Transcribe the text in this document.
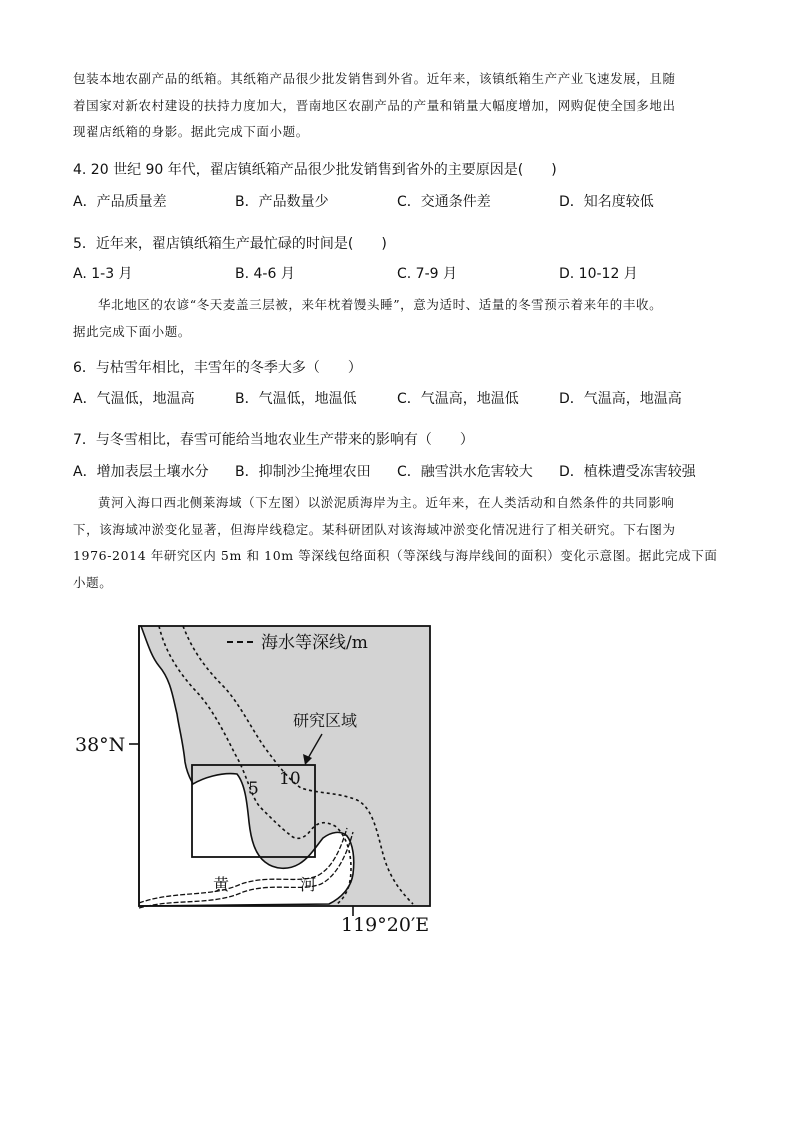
包装本地农副产品的纸箱。其纸箱产品很少批发销售到外省。近年来，该镇纸箱生产产业飞速发展，且随

着国家对新农村建设的扶持力度加大，晋南地区农副产品的产量和销量大幅度增加，网购促使全国多地出

现翟店纸箱的身影。据此完成下面小题。

4. 20 世纪 90 年代，翟店镇纸箱产品很少批发销售到省外的主要原因是(　　)

A．产品质量差	B．产品数量少	C．交通条件差	D．知名度较低

5．近年来，翟店镇纸箱生产最忙碌的时间是(　　)

A. 1-3 月	B. 4-6 月	C. 7-9 月	D. 10-12 月

华北地区的农谚“冬天麦盖三层被，来年枕着馒头睡”，意为适时、适量的冬雪预示着来年的丰收。

据此完成下面小题。

6．与枯雪年相比，丰雪年的冬季大多（　　）

A．气温低，地温高	B．气温低，地温低	C．气温高，地温低	D．气温高，地温高

7．与冬雪相比，春雪可能给当地农业生产带来的影响有（　　）

A．增加表层土壤水分	B．抑制沙尘掩埋农田	C．融雪洪水危害较大	D．植株遭受冻害较强

黄河入海口西北侧莱海域（下左图）以淤泥质海岸为主。近年来，在人类活动和自然条件的共同影响

下，该海域冲淤变化显著，但海岸线稳定。某科研团队对该海域冲淤变化情况进行了相关研究。下右图为

1976-2014 年研究区内 5m 和 10m 等深线包络面积（等深线与海岸线间的面积）变化示意图。据此完成下面

小题。

海水等深线/m
研究区域
5 10
38°N
119°20′E
黄	河
